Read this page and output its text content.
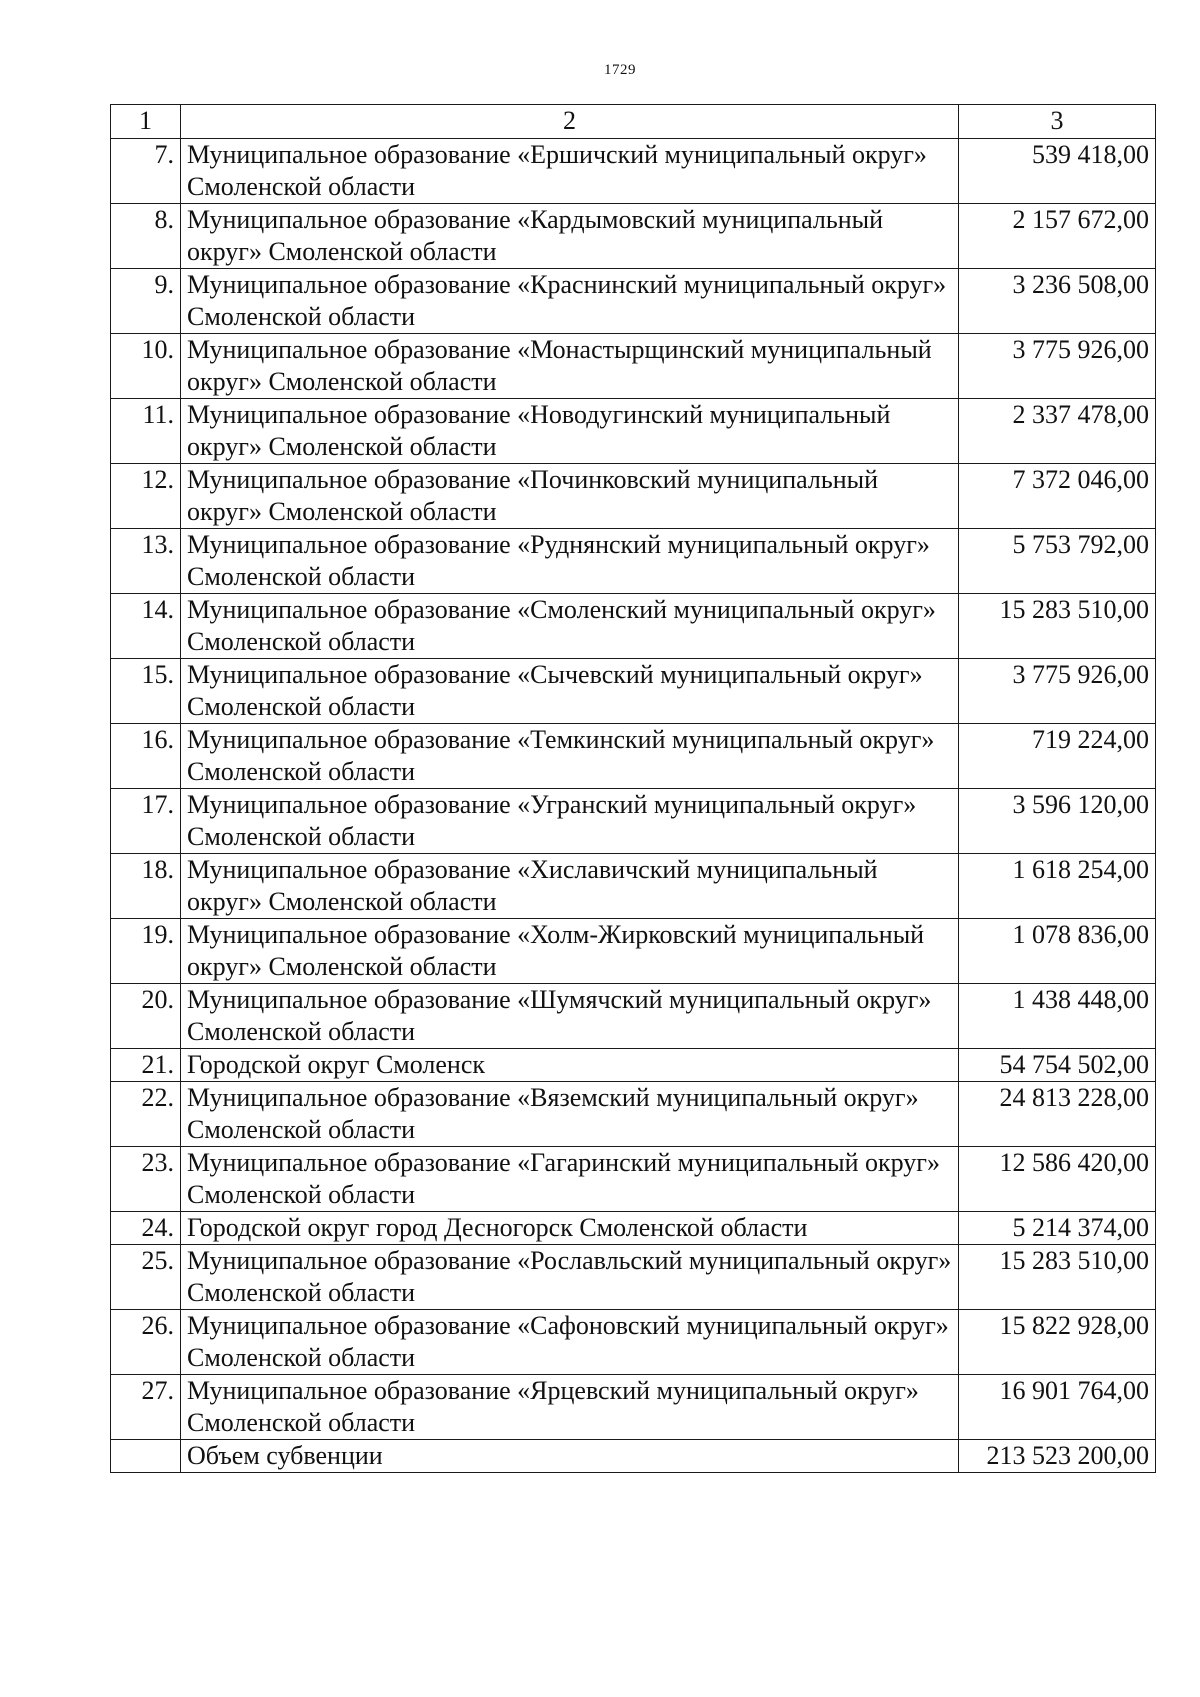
1729
1	2	3
7.	Муниципальное образование «Ершичский муниципальный округ» Смоленской области	539 418,00
8.	Муниципальное образование «Кардымовский муниципальный округ» Смоленской области	2 157 672,00
9.	Муниципальное образование «Краснинский муниципальный округ» Смоленской области	3 236 508,00
10.	Муниципальное образование «Монастырщинский муниципальный округ» Смоленской области	3 775 926,00
11.	Муниципальное образование «Новодугинский муниципальный округ» Смоленской области	2 337 478,00
12.	Муниципальное образование «Починковский муниципальный округ» Смоленской области	7 372 046,00
13.	Муниципальное образование «Руднянский муниципальный округ» Смоленской области	5 753 792,00
14.	Муниципальное образование «Смоленский муниципальный округ» Смоленской области	15 283 510,00
15.	Муниципальное образование «Сычевский муниципальный округ» Смоленской области	3 775 926,00
16.	Муниципальное образование «Темкинский муниципальный округ» Смоленской области	719 224,00
17.	Муниципальное образование «Угранский муниципальный округ» Смоленской области	3 596 120,00
18.	Муниципальное образование «Хиславичский муниципальный округ» Смоленской области	1 618 254,00
19.	Муниципальное образование «Холм-Жирковский муниципальный округ» Смоленской области	1 078 836,00
20.	Муниципальное образование «Шумячский муниципальный округ» Смоленской области	1 438 448,00
21.	Городской округ Смоленск	54 754 502,00
22.	Муниципальное образование «Вяземский муниципальный округ» Смоленской области	24 813 228,00
23.	Муниципальное образование «Гагаринский муниципальный округ» Смоленской области	12 586 420,00
24.	Городской округ город Десногорск Смоленской области	5 214 374,00
25.	Муниципальное образование «Рославльский муниципальный округ» Смоленской области	15 283 510,00
26.	Муниципальное образование «Сафоновский муниципальный округ» Смоленской области	15 822 928,00
27.	Муниципальное образование «Ярцевский муниципальный округ» Смоленской области	16 901 764,00
	Объем субвенции	213 523 200,00
